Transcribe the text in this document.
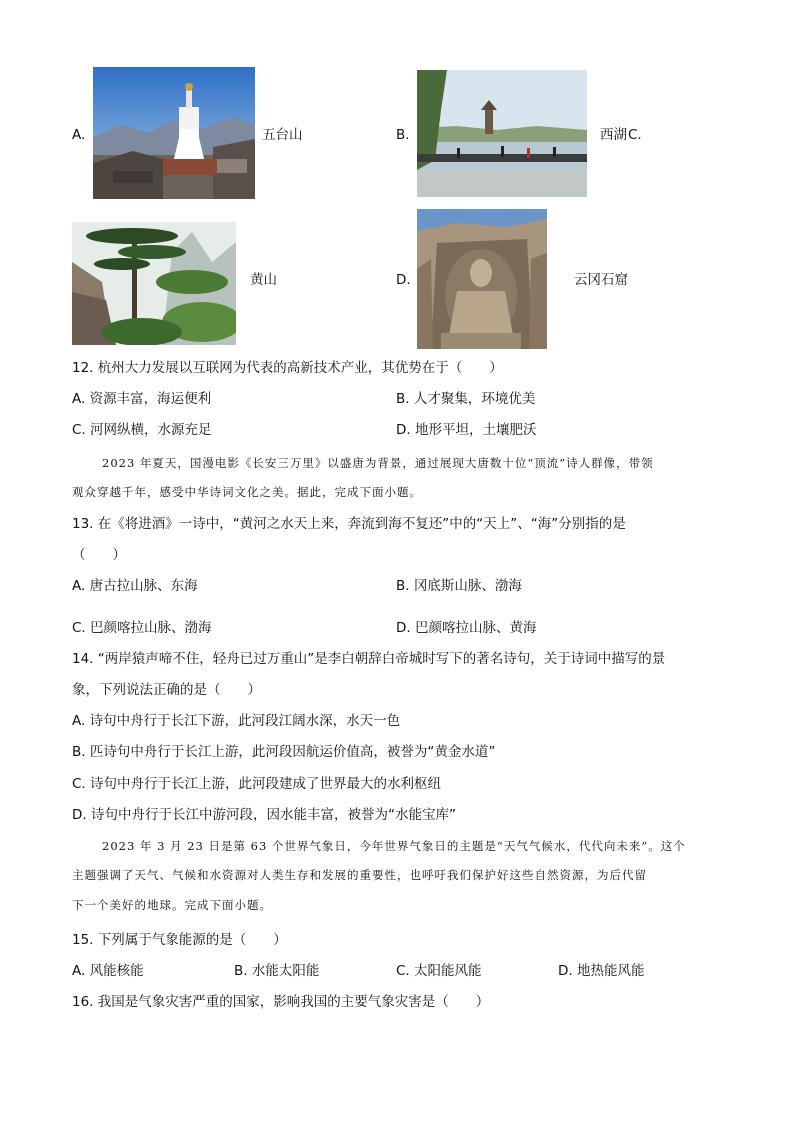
A.	五台山	B.	西湖 C.
黄山	D.	云冈石窟
12. 杭州大力发展以互联网为代表的高新技术产业，其优势在于（　　）
A. 资源丰富，海运便利	B. 人才聚集，环境优美
C. 河网纵横，水源充足	D. 地形平坦，土壤肥沃
2023 年夏天，国漫电影《长安三万里》以盛唐为背景，通过展现大唐数十位“顶流”诗人群像，带领
观众穿越千年，感受中华诗词文化之美。据此，完成下面小题。
13. 在《将进酒》一诗中，“黄河之水天上来，奔流到海不复还”中的“天上”、“海”分别指的是
（　　）
A. 唐古拉山脉、东海	B. 冈底斯山脉、渤海
C. 巴颜喀拉山脉、渤海	D. 巴颜喀拉山脉、黄海
14. “两岸猿声啼不住，轻舟已过万重山”是李白朝辞白帝城时写下的著名诗句，关于诗词中描写的景
象，下列说法正确的是（　　）
A. 诗句中舟行于长江下游，此河段江阔水深，水天一色
B. 匹诗句中舟行于长江上游，此河段因航运价值高，被誉为“黄金水道”
C. 诗句中舟行于长江上游，此河段建成了世界最大的水利枢纽
D. 诗句中舟行于长江中游河段，因水能丰富，被誉为“水能宝库”
2023 年 3 月 23 日是第 63 个世界气象日，今年世界气象日的主题是“天气气候水，代代向未来”。这个
主题强调了天气、气候和水资源对人类生存和发展的重要性，也呼吁我们保护好这些自然资源，为后代留
下一个美好的地球。完成下面小题。
15. 下列属于气象能源的是（　　）
A. 风能核能	B. 水能太阳能	C. 太阳能风能	D. 地热能风能
16. 我国是气象灾害严重的国家，影响我国的主要气象灾害是（　　）
